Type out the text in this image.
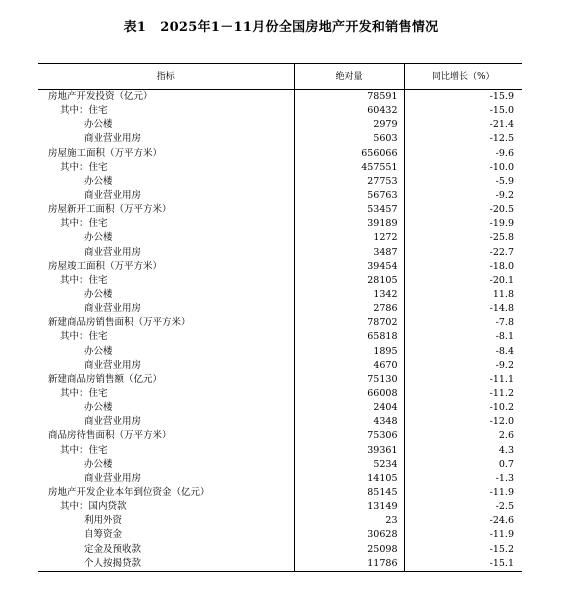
表1 2025年1－11月份全国房地产开发和销售情况
指标	绝对量	同比增长（%）
房地产开发投资（亿元）	78591	-15.9
其中：住宅	60432	-15.0
办公楼	2979	-21.4
商业营业用房	5603	-12.5
房屋施工面积（万平方米）	656066	-9.6
其中：住宅	457551	-10.0
办公楼	27753	-5.9
商业营业用房	56763	-9.2
房屋新开工面积（万平方米）	53457	-20.5
其中：住宅	39189	-19.9
办公楼	1272	-25.8
商业营业用房	3487	-22.7
房屋竣工面积（万平方米）	39454	-18.0
其中：住宅	28105	-20.1
办公楼	1342	11.8
商业营业用房	2786	-14.8
新建商品房销售面积（万平方米）	78702	-7.8
其中：住宅	65818	-8.1
办公楼	1895	-8.4
商业营业用房	4670	-9.2
新建商品房销售额（亿元）	75130	-11.1
其中：住宅	66008	-11.2
办公楼	2404	-10.2
商业营业用房	4348	-12.0
商品房待售面积（万平方米）	75306	2.6
其中：住宅	39361	4.3
办公楼	5234	0.7
商业营业用房	14105	-1.3
房地产开发企业本年到位资金（亿元）	85145	-11.9
其中：国内贷款	13149	-2.5
利用外资	23	-24.6
自筹资金	30628	-11.9
定金及预收款	25098	-15.2
个人按揭贷款	11786	-15.1
